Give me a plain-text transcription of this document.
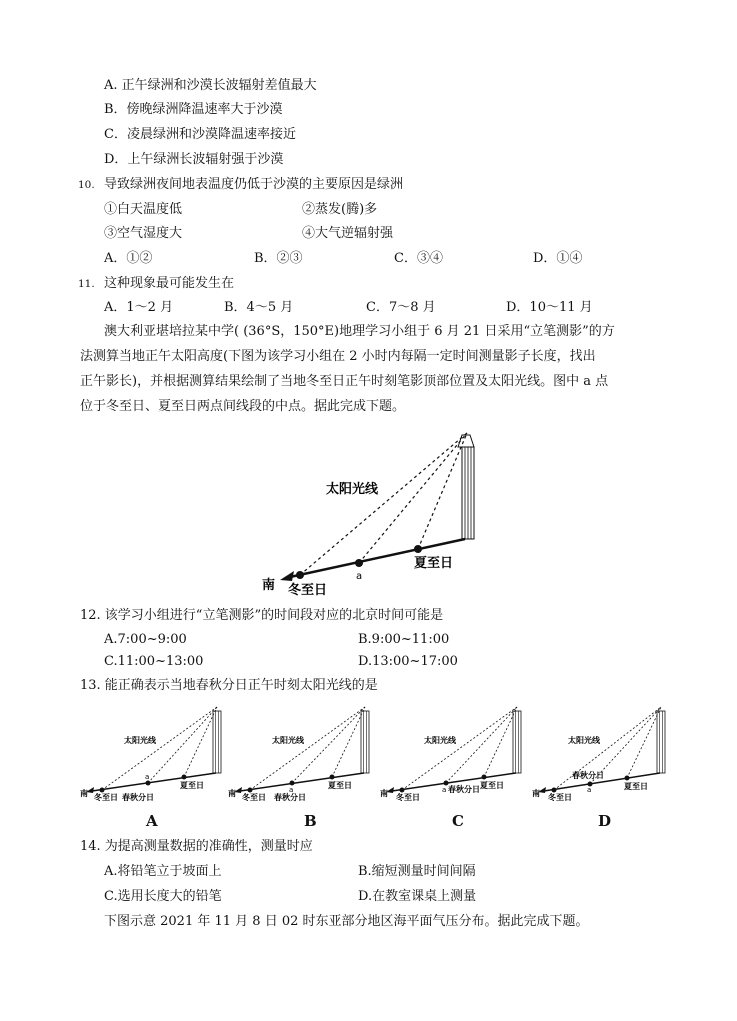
A. 正午绿洲和沙漠长波辐射差值最大
B．傍晚绿洲降温速率大于沙漠
C．凌晨绿洲和沙漠降温速率接近
D．上午绿洲长波辐射强于沙漠
10. 导致绿洲夜间地表温度仍低于沙漠的主要原因是绿洲
①白天温度低	②蒸发(腾)多
③空气湿度大	④大气逆辐射强
A．①②	B．②③	C．③④	D．①④
11. 这种现象最可能发生在
A．1～2 月	B．4～5 月	C．7～8 月	D．10～11 月
澳大利亚堪培拉某中学( (36°S，150°E)地理学习小组于 6 月 21 日采用“立笔测影”的方
法测算当地正午太阳高度(下图为该学习小组在 2 小时内每隔一定时间测量影子长度，找出
正午影长)，并根据测算结果绘制了当地冬至日正午时刻笔影顶部位置及太阳光线。图中 a 点
位于冬至日、夏至日两点间线段的中点。据此完成下题。
太阳光线
南 冬至日
a
夏至日
12. 该学习小组进行“立笔测影”的时间段对应的北京时间可能是
A.7:00~9:00	B.9:00~11:00
C.11:00~13:00	D.13:00~17:00
13. 能正确表示当地春秋分日正午时刻太阳光线的是
太阳光线
南 冬至日 春秋分日
a
夏至日
A
太阳光线
南 冬至日 春秋分日
a	夏至日
B
太阳光线
南 冬至日
a 春秋分日 夏至日
C
太阳光线
南 冬至日
春秋分日
a	夏至日
D
14. 为提高测量数据的准确性，测量时应
A.将铅笔立于坡面上	B.缩短测量时间间隔
C.选用长度大的铅笔	D.在教室课桌上测量
下图示意 2021 年 11 月 8 日 02 时东亚部分地区海平面气压分布。据此完成下题。
